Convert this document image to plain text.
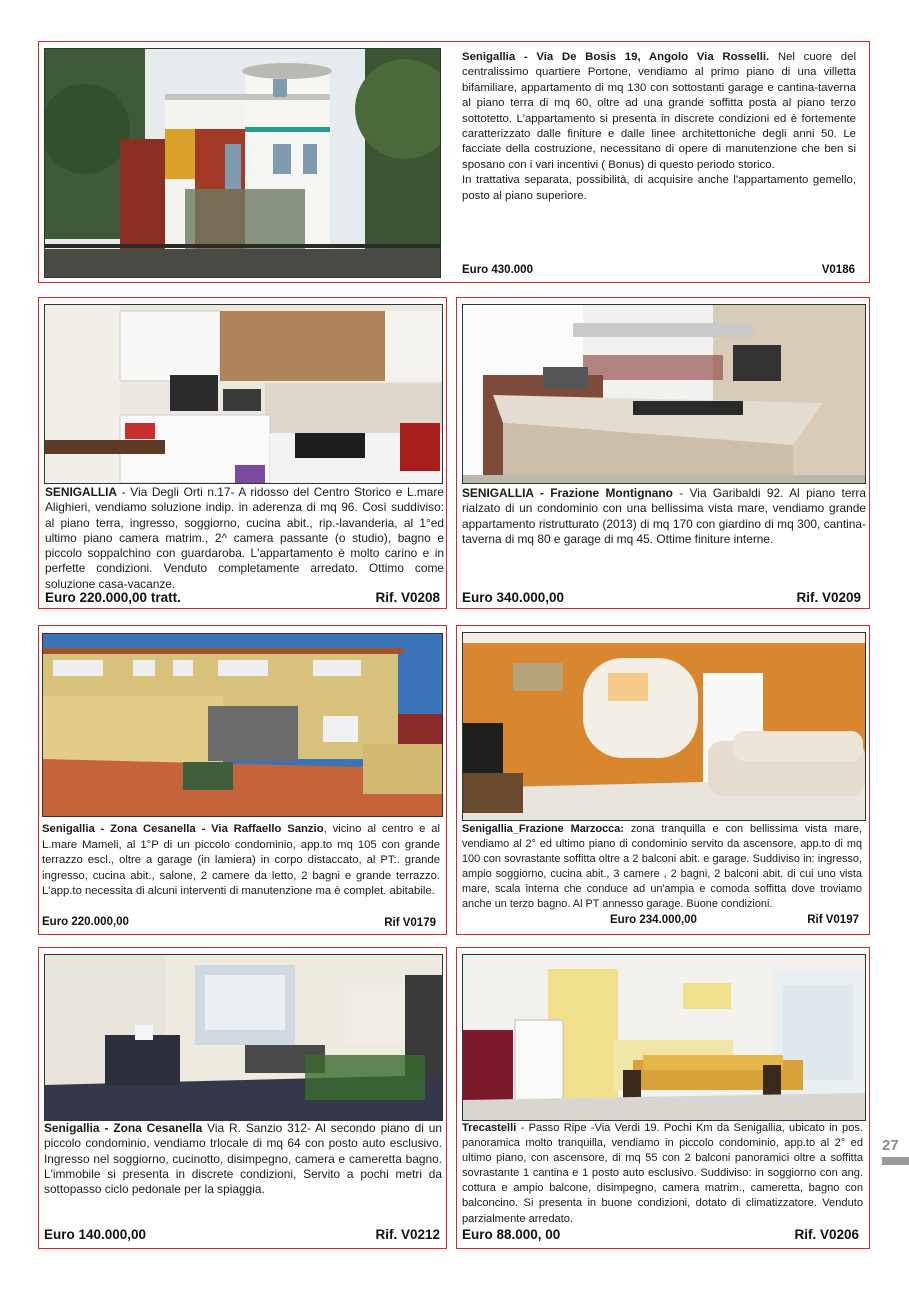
Senigallia - Via De Bosis 19, Angolo Via Rosselli. Nel cuore del centralissimo quartiere Portone, vendiamo al primo piano di una villetta bifamiliare, appartamento di mq 130 con sottostanti garage e cantina-taverna al piano terra di mq 60, oltre ad una grande soffitta posta al piano terzo sottotetto. L'appartamento si presenta in discrete condizioni ed è fortemente caratterizzato dalle finiture e dalle linee architettoniche degli anni 50. Le facciate della costruzione, necessitano di opere di manutenzione che ben si sposano con i vari incentivi ( Bonus) di questo periodo storico.
In trattativa separata, possibilità, di acquisire anche l'appartamento gemello, posto al piano superiore.
Euro 430.000	V0186
SENIGALLIA - Via Degli Orti n.17- A ridosso del Centro Storico e L.mare Alighieri, vendiamo soluzione indip. in aderenza di mq 96. Così suddiviso: al piano terra, ingresso, soggiorno, cucina abit., rip.-lavanderia, al 1°ed ultimo piano camera matrim., 2^ camera passante (o studio), bagno e piccolo soppalchino con guardaroba. L'appartamento è molto carino e in perfette condizioni. Venduto completamente arredato. Ottimo come soluzione casa-vacanze.
Euro 220.000,00 tratt.	Rif. V0208
SENIGALLIA - Frazione Montignano - Via Garibaldi 92. Al piano terra rialzato di un condominio con una bellissima vista mare, vendiamo grande appartamento ristrutturato (2013) di mq 170 con giardino di mq 300, cantina-taverna di mq 80 e garage di mq 45. Ottime finiture interne.
Euro 340.000,00	Rif. V0209
Senigallia - Zona Cesanella - Via Raffaello Sanzio, vicino al centro e al L.mare Mameli, al 1°P di un piccolo condominio, app.to mq 105 con grande terrazzo escl., oltre a garage (in lamiera) in corpo distaccato, al PT:. grande ingresso, cucina abit., salone, 2 camere da letto, 2 bagni e grande terrazzo. L'app.to necessita di alcuni interventi di manutenzione ma è complet. abitabile.
Euro 220.000,00	Rif V0179
Senigallia_Frazione Marzocca: zona tranquilla e con bellissima vista mare, vendiamo al 2° ed ultimo piano di condominio servito da ascensore, app.to di mq 100 con sovrastante soffitta oltre a 2 balconi abit. e garage. Suddiviso in: ingresso, ampio soggiorno, cucina abit., 3 camere , 2 bagni, 2 balconi abit. di cui uno vista mare, scala interna che conduce ad un'ampia e comoda soffitta dove troviamo anche un terzo bagno. Al PT annesso garage. Buone condizioni.
Euro 234.000,00	Rif V0197
Senigallia - Zona Cesanella Via R. Sanzio 312- Al secondo piano di un piccolo condominio, vendiamo trlocale di mq 64 con posto auto esclusivo. Ingresso nel soggiorno, cucinotto, disimpegno, camera e cameretta bagno. L'immobile si presenta in discrete condizioni, Servito a pochi metri da sottopasso ciclo pedonale per la spiaggia.
Euro 140.000,00	Rif. V0212
Trecastelli - Passo Ripe -Via Verdi 19. Pochi Km da Senigallia, ubicato in pos. panoramica molto tranquilla, vendiamo in piccolo condominio, app.to al 2° ed ultimo piano, con ascensore, di mq 55 con 2 balconi panoramici oltre a soffitta sovrastante 1 cantina e 1 posto auto esclusivo. Suddiviso: in soggiorno con ang. cottura e ampio balcone, disimpegno, camera matrim., cameretta, bagno con balconcino. Si presenta in buone condizioni, dotato di climatizzatore. Venduto parzialmente arredato.
Euro 88.000, 00	Rif. V0206
27
